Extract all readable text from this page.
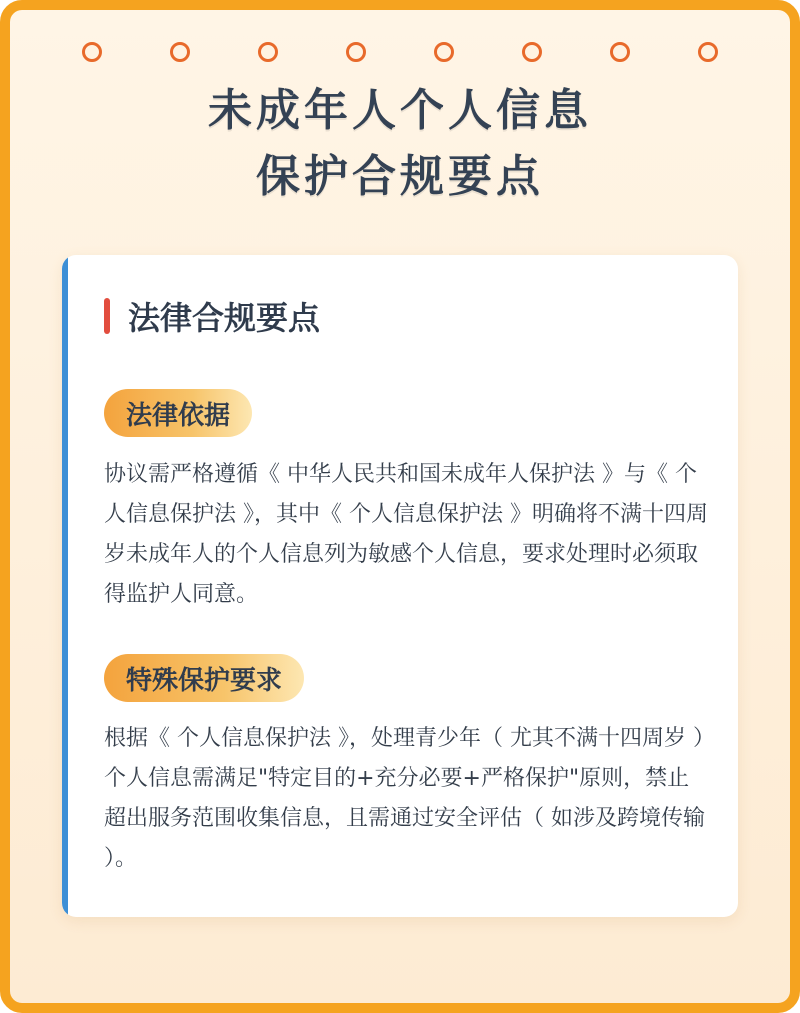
未成年人个人信息
保护合规要点
法律合规要点
法律依据
协议需严格遵循《 中华人民共和国未成年人保护法 》与《 个人信息保护法 》，其中《 个人信息保护法 》明确将不满十四周岁未成年人的个人信息列为敏感个人信息，要求处理时必须取得监护人同意。
特殊保护要求
根据《 个人信息保护法 》，处理青少年（ 尤其不满十四周岁 ）个人信息需满足"特定目的+充分必要+严格保护"原则，禁止超出服务范围收集信息，且需通过安全评估（ 如涉及跨境传输 ）。
